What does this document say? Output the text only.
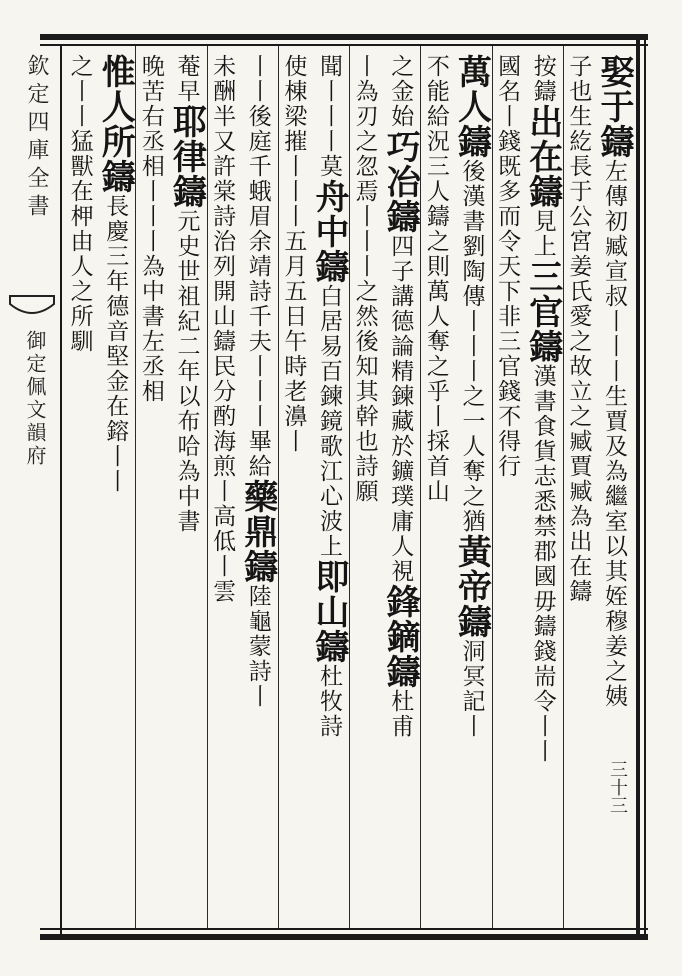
欽定四庫全書
御定佩文韻府
三十三
娶于鑄左傳初臧宣叔丨丨丨生賈及為繼室以其姪穆姜之姨
子也生紇長于公宮姜氏愛之故立之臧賈臧為出在鑄
按鑄出在鑄見上三官鑄漢書食貨志悉禁郡國毋鑄錢耑令丨丨
國名丨錢既多而令天下非三官錢不得行
萬人鑄後漢書劉陶傳丨丨丨之一人奪之猶黃帝鑄洞冥記丨
不能給況三人鑄之則萬人奪之乎丨採首山
之金始巧冶鑄四子講德論精鍊藏於鑛璞庸人視鋒鏑鑄杜甫
丨為刃之忽焉丨丨丨之然後知其幹也詩願
聞丨丨丨莫舟中鑄白居易百鍊鏡歌江心波上即山鑄杜牧詩
使棟梁摧丨丨丨五月五日午時老濞丨
丨丨後庭千蛾眉余靖詩千夫丨丨丨畢給藥鼎鑄陸龜蒙詩丨
未酬半又許棠詩治列開山鑄民分酌海煎丨高低丨雲
菴早耶律鑄元史世祖紀二年以布哈為中書
晚苦右丞相丨丨丨為中書左丞相
惟人所鑄長慶三年德音堅金在鎔丨丨
之丨丨猛獸在柙由人之所馴
